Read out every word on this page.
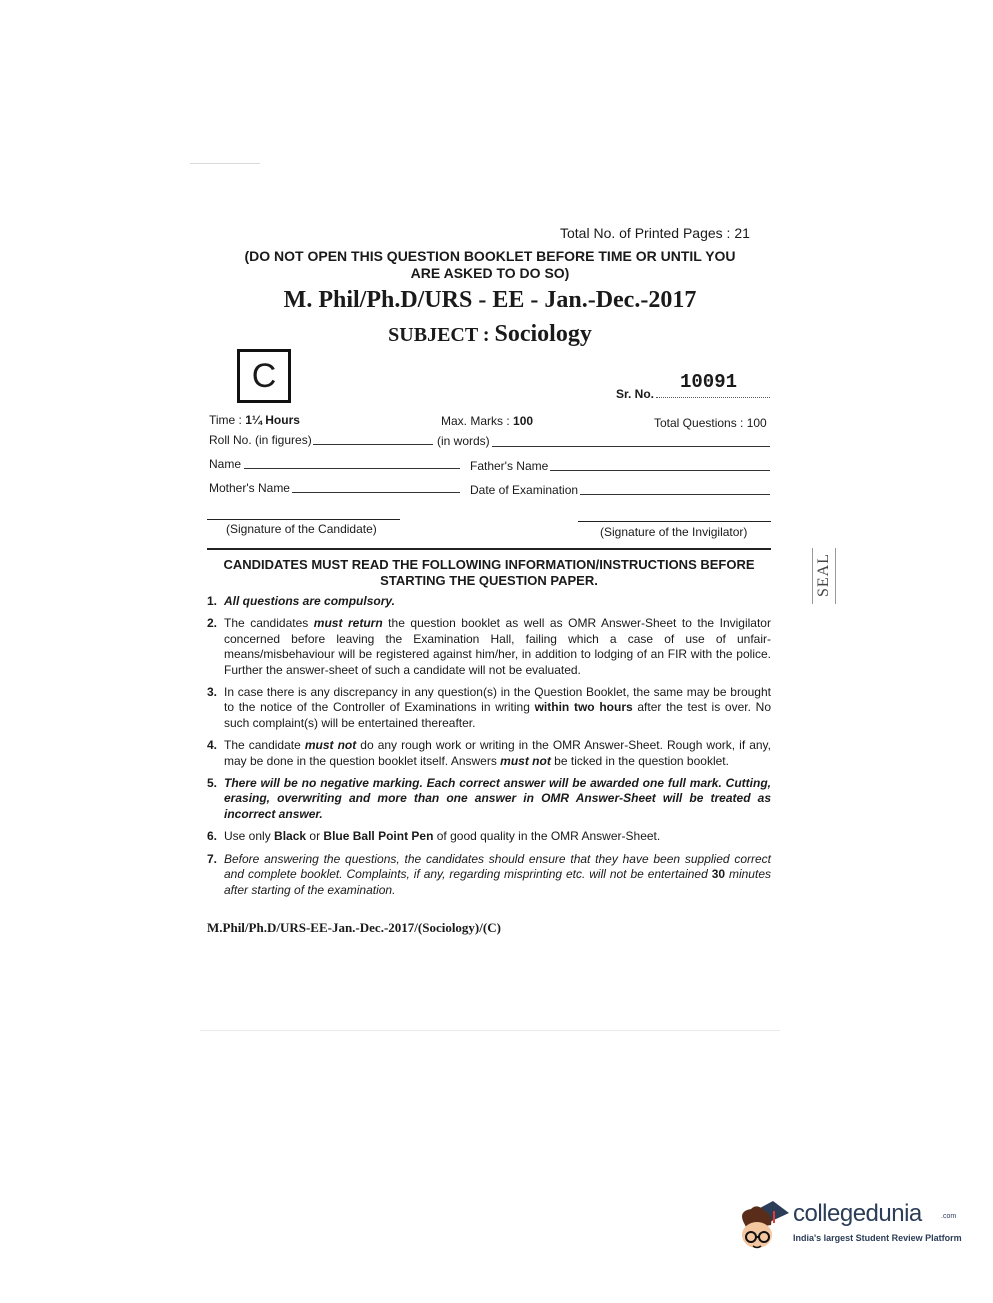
Total No. of Printed Pages : 21
(DO NOT OPEN THIS QUESTION BOOKLET BEFORE TIME OR UNTIL YOU
ARE ASKED TO DO SO)
M. Phil/Ph.D/URS - EE - Jan.-Dec.-2017
SUBJECT : Sociology
C	Sr. No.
10091
Time : 1¼ Hours	Max. Marks : 100	Total Questions : 100
Roll No. (in figures)	(in words)
Name	Father's Name
Mother's Name	Date of Examination
(Signature of the Candidate)	(Signature of the Invigilator)
CANDIDATES MUST READ THE FOLLOWING INFORMATION/INSTRUCTIONS BEFORE
STARTING THE QUESTION PAPER.
1. All questions are compulsory.
2. The candidates must return the question booklet as well as OMR Answer-Sheet to the Invigilator concerned before leaving the Examination Hall, failing which a case of use of unfair-means/misbehaviour will be registered against him/her, in addition to lodging of an FIR with the police. Further the answer-sheet of such a candidate will not be evaluated.
3. In case there is any discrepancy in any question(s) in the Question Booklet, the same may be brought to the notice of the Controller of Examinations in writing within two hours after the test is over. No such complaint(s) will be entertained thereafter.
4. The candidate must not do any rough work or writing in the OMR Answer-Sheet. Rough work, if any, may be done in the question booklet itself. Answers must not be ticked in the question booklet.
5. There will be no negative marking. Each correct answer will be awarded one full mark. Cutting, erasing, overwriting and more than one answer in OMR Answer-Sheet will be treated as incorrect answer.
6. Use only Black or Blue Ball Point Pen of good quality in the OMR Answer-Sheet.
7. Before answering the questions, the candidates should ensure that they have been supplied correct and complete booklet. Complaints, if any, regarding misprinting etc. will not be entertained 30 minutes after starting of the examination.
M.Phil/Ph.D/URS-EE-Jan.-Dec.-2017/(Sociology)/(C)
SEAL
collegedunia	.com
India's largest Student Review Platform
